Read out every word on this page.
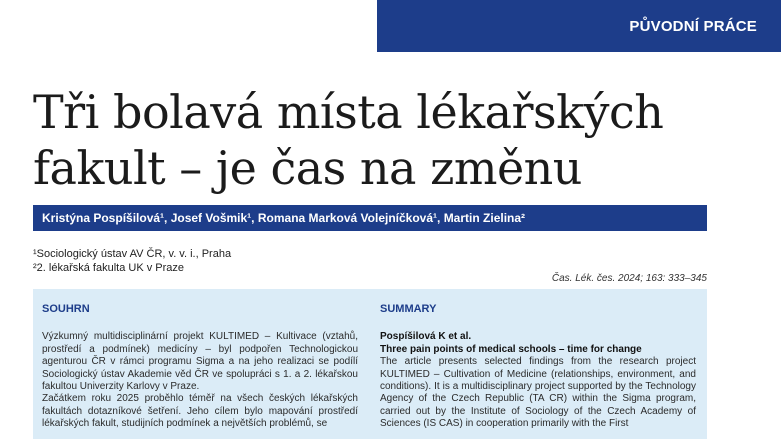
PŮVODNÍ PRÁCE
Tři bolavá místa lékařských fakult – je čas na změnu
Kristýna Pospíšilová¹, Josef Vošmik¹, Romana Marková Volejníčková¹, Martin Zielina²
¹Sociologický ústav AV ČR, v. v. i., Praha
²2. lékařská fakulta UK v Praze
Čas. Lék. čes. 2024; 163: 333–345
SOUHRN

Výzkumný multidisciplinární projekt KULTIMED – Kultivace (vztahů, prostředí a podmínek) medicíny – byl podpořen Technologickou agenturou ČR v rámci programu Sigma a na jeho realizaci se podílí Sociologický ústav Akademie věd ČR ve spolupráci s 1. a 2. lékařskou fakultou Univerzity Karlovy v Praze.

Začátkem roku 2025 proběhlo téměř na všech českých lékařských fakultách dotazníkové šetření. Jeho cílem bylo mapování prostředí lékařských fakult, studijních podmínek a největších problémů, se

SUMMARY
Pospíšilová K et al.
Three pain points of medical schools – time for change

The article presents selected findings from the research project KULTIMED – Cultivation of Medicine (relationships, environment, and conditions). It is a multidisciplinary project supported by the Technology Agency of the Czech Republic (TA CR) within the Sigma program, carried out by the Institute of Sociology of the Czech Academy of Sciences (IS CAS) in cooperation primarily with the First
